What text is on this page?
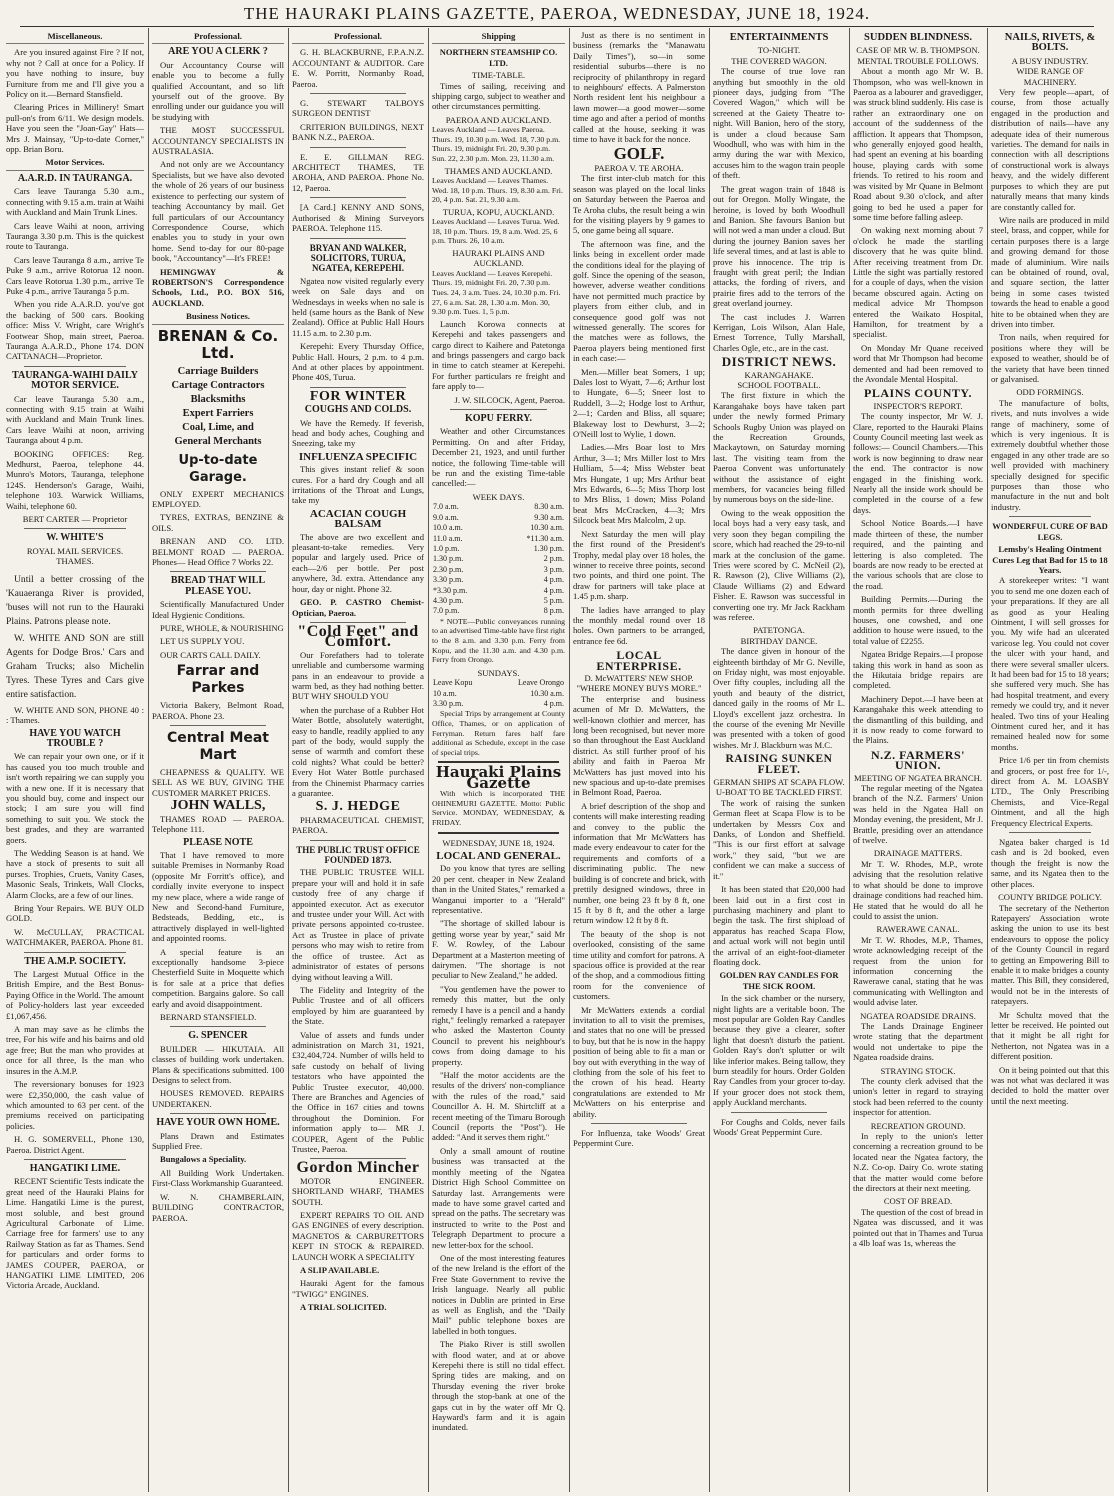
THE HAURAKI PLAINS GAZETTE, PAEROA, WEDNESDAY, JUNE 18, 1924.
Miscellaneous.

Are you insured against Fire ? If not, why not ? Call at once for a Policy. If you have nothing to insure, buy Furniture from me and I'll give you a Policy on it.—Bernard Stansfield.

Clearing Prices in Millinery! Smart pull-on's from 6/11. We design models. Have you seen the "Joan-Gay" Hats—Mrs J. Mainsay, "Up-to-date Corner," opp. Brian Boru.

Motor Services.
A.A.R.D. IN TAURANGA.

Cars leave Tauranga 5.30 a.m., connecting with 9.15 a.m. train at Waihi with Auckland and Main Trunk Lines.

Cars leave Waihi at noon, arriving Tauranga 3.30 p.m. This is the quickest route to Tauranga.

Cars leave Tauranga 8 a.m., arrive Te Puke 9 a.m., arrive Rotorua 12 noon. Cars leave Rotorua 1.30 p.m., arrive Te Puke 4 p.m., arrive Tauranga 5 p.m.

When you ride A.A.R.D. you've got the backing of 500 cars. Booking office: Miss V. Wright, care Wright's Footwear Shop, main street, Paeroa. Tauranga A.A.R.D., Phone 174. DON CATTANACH—Proprietor.

TAURANGA-WAIHI DAILY MOTOR SERVICE.

Car leave Tauranga 5.30 a.m., connecting with 9.15 train at Waihi with Auckland and Main Trunk lines. Cars leave Waihi at noon, arriving Tauranga about 4 p.m.

BOOKING OFFICES: Reg. Medhurst, Paeroa, telephone 44. Munro's Motors, Tauranga, telephone 124S. Henderson's Garage, Waihi, telephone 103. Warwick Williams, Waihi, telephone 60.

BERT CARTER — Proprietor
W. WHITE'S
ROYAL MAIL SERVICES.
THAMES.

Until a better crossing of the 'Kauaeranga River is provided, 'buses will not run to the Hauraki Plains. Patrons please note.

W. WHITE AND SON are still Agents for Dodge Bros.' Cars and Graham Trucks; also Michelin Tyres. These Tyres and Cars give entire satisfaction.

W. WHITE AND SON, PHONE 40 : : Thames.

HAVE YOU WATCH TROUBLE ?

We can repair your own one, or if it has caused you too much trouble and isn't worth repairing we can supply you with a new one. If it is necessary that you should buy, come and inspect our stock; I am sure you will find something to suit you. We stock the best grades, and they are warranted goers.

The Wedding Season is at hand. We have a stock of presents to suit all purses. Trophies, Cruets, Vanity Cases, Masonic Seals, Trinkets, Wall Clocks, Alarm Clocks, are a few of our lines.

Bring Your Repairs. WE BUY OLD GOLD.

W. McCULLAY, PRACTICAL WATCHMAKER, PAEROA. Phone 81.

THE A.M.P. SOCIETY.

The Largest Mutual Office in the British Empire, and the Best Bonus-Paying Office in the World. The amount of Policy-holders last year exceeded £1,067,456.

A man may save as he climbs the tree, For his wife and his bairns and old age free; But the man who provides at once for all three, Is the man who insures in the A.M.P.

The reversionary bonuses for 1923 were £2,350,000, the cash value of which amounted to 63 per cent. of the premiums received on participating policies.

H. G. SOMERVELL, Phone 130, Paeroa. District Agent.

HANGATIKI LIME.

RECENT Scientific Tests indicate the great need of the Hauraki Plains for Lime. Hangatiki Lime is the purest, most soluble, and best ground Agricultural Carbonate of Lime. Carriage free for farmers' use to any Railway Station as far as Thames. Send for particulars and order forms to JAMES COUPER, PAEROA, or HANGATIKI LIME LIMITED, 206 Victoria Arcade, Auckland.

Professional.
ARE YOU A CLERK ?

Our Accountancy Course will enable you to become a fully qualified Accountant, and so lift yourself out of the groove. By enrolling under our guidance you will be studying with

THE MOST SUCCESSFUL ACCOUNTANCY SPECIALISTS IN AUSTRALASIA.

And not only are we Accountancy Specialists, but we have also devoted the whole of 26 years of our business existence to perfecting our system of teaching Accountancy by mail. Get full particulars of our Accountancy Correspondence Course, which enables you to study in your own home. Send to-day for our 80-page book, "Accountancy"—It's FREE!

HEMINGWAY & ROBERTSON'S Correspondence Schools, Ltd., P.O. BOX 516, AUCKLAND.

Business Notices.
BRENAN & Co. Ltd.
Carriage Builders
Cartage Contractors
Blacksmiths
Expert Farriers
Coal, Lime, and
General Merchants
Up-to-date Garage.

ONLY EXPERT MECHANICS EMPLOYED.

TYRES, EXTRAS, BENZINE & OILS.

BRENAN AND CO. LTD. BELMONT ROAD — PAEROA. Phones— Head Office 7 Works 22.

BREAD THAT WILL PLEASE YOU.

Scientifically Manufactured Under Ideal Hygienic Conditions.

PURE, WHOLE, & NOURISHING

LET US SUPPLY YOU.

OUR CARTS CALL DAILY.

Farrar and Parkes

Victoria Bakery, Belmont Road, PAEROA. Phone 23.

Central Meat Mart

CHEAPNESS & QUALITY. WE SELL AS WE BUY, GIVING THE CUSTOMER MARKET PRICES.

JOHN WALLS,

THAMES ROAD — PAEROA. Telephone 111.

PLEASE NOTE

That I have removed to more suitable Premises in Normanby Road (opposite Mr Forritt's office), and cordially invite everyone to inspect my new place, where a wide range of New and Second-hand Furniture, Bedsteads, Bedding, etc., is attractively displayed in well-lighted and appointed rooms.

A special feature is an exceptionally handsome 3-piece Chesterfield Suite in Moquette which is for sale at a price that defies competition. Bargains galore. So call early and avoid disappointment.

BERNARD STANSFIELD.

G. SPENCER

BUILDER — HIKUTAIA. All classes of building work undertaken. Plans & specifications submitted. 100 Designs to select from.

HOUSES REMOVED. REPAIRS UNDERTAKEN.

HAVE YOUR OWN HOME.

Plans Drawn and Estimates Supplied Free.

Bungalows a Speciality.

All Building Work Undertaken. First-Class Workmanship Guaranteed.

W. N. CHAMBERLAIN, BUILDING CONTRACTOR, PAEROA.

Professional.

G. H. BLACKBURNE, F.P.A.N.Z. ACCOUNTANT & AUDITOR. Care E. W. Porritt, Normanby Road, Paeroa.

G. STEWART TALBOYS SURGEON DENTIST

CRITERION BUILDINGS, NEXT BANK N.Z., PAEROA.

E. E. GILLMAN REG. ARCHITECT THAMES, TE AROHA, AND PAEROA. Phone No. 12, Paeroa.

[A Card.] KENNY AND SONS, Authorised & Mining Surveyors PAEROA. Telephone 115.

BRYAN AND WALKER, SOLICITORS, TURUA, NGATEA, KEREPEHI.

Ngatea now visited regularly every week on Sale days and on Wednesdays in weeks when no sale is held (same hours as the Bank of New Zealand). Office at Public Hall Hours 11.15 a.m. to 2.30 p.m.

Kerepehi: Every Thursday Office, Public Hall. Hours, 2 p.m. to 4 p.m. And at other places by appointment. Phone 40S, Turua.

FOR WINTER
COUGHS AND COLDS.

We have the Remedy. If feverish, head and body aches, Coughing and Sneezing, take my

INFLUENZA SPECIFIC

This gives instant relief & soon cures. For a hard dry Cough and all irritations of the Throat and Lungs, take my

ACACIAN COUGH BALSAM

The above are two excellent and pleasant-to-take remedies. Very popular and largely used. Price of each—2/6 per bottle. Per post anywhere, 3d. extra. Attendance any hour, day or night. Phone 32.

GEO. P. CASTRO Chemist-Optician, Paeroa.

"Cold Feet" and Comfort.

Our Forefathers had to tolerate unreliable and cumbersome warming pans in an endeavour to provide a warm bed, as they had nothing better. BUT WHY SHOULD YOU

when the purchase of a Rubber Hot Water Bottle, absolutely watertight, easy to handle, readily applied to any part of the body, would supply the sense of warmth and comfort these cold nights? What could be better? Every Hot Water Bottle purchased from the Chinemist Pharmacy carries a guarantee.

S. J. HEDGE

PHARMACEUTICAL CHEMIST, PAEROA.

THE PUBLIC TRUST OFFICE FOUNDED 1873.

THE PUBLIC TRUSTEE WILL prepare your will and hold it in safe custody free of any charge if appointed executor. Act as executor and trustee under your Will. Act with private persons appointed co-trustee. Act as Trustee in place of private persons who may wish to retire from the office of trustee. Act as administrator of estates of persons dying without leaving a Will.

The Fidelity and Integrity of the Public Trustee and of all officers employed by him are guaranteed by the State.

Value of assets and funds under administration on March 31, 1921, £32,404,724. Number of wills held to safe custody on behalf of living testators who have appointed the Public Trustee executor, 40,000. There are Branches and Agencies of the Office in 167 cities and towns throughout the Dominion. For information apply to— MR J. COUPER, Agent of the Public Trustee, Paeroa.

Gordon Mincher

MOTOR ENGINEER. SHORTLAND WHARF, THAMES SOUTH.

EXPERT REPAIRS TO OIL AND GAS ENGINES of every description. MAGNETOS & CARBURETTORS KEPT IN STOCK & REPAIRED. LAUNCH WORK A SPECIALITY

A SLIP AVAILABLE.

Hauraki Agent for the famous "TWIGG" ENGINES.

A TRIAL SOLICITED.

Shipping
NORTHERN STEAMSHIP CO. LTD.
TIME-TABLE.

Times of sailing, receiving and shipping cargo, subject to weather and other circumstances permitting.

PAEROA AND AUCKLAND.

Leaves Auckland — Leaves Paeroa. Thurs. 19, 10.30 p.m. Wed. 18, 7.30 p.m. Thurs. 19, midnight Fri. 20, 9.30 p.m. Sun. 22, 2.30 p.m. Mon. 23, 11.30 a.m.

THAMES AND AUCKLAND.

Leaves Auckland — Leaves Thames. Wed. 18, 10 p.m. Thurs. 19, 8.30 a.m. Fri. 20, 4 p.m. Sat. 21, 9.30 a.m.

TURUA, KOPU, AUCKLAND.

Leaves Auckland — Leaves Turua. Wed. 18, 10 p.m. Thurs. 19, 8 a.m. Wed. 25, 6 p.m. Thurs. 26, 10 a.m.

HAURAKI PLAINS AND AUCKLAND.

Leaves Auckland — Leaves Kerepehi. Thurs. 19, midnight Fri. 20, 7.30 p.m. Tues. 24, 3 a.m. Tues. 24, 10.30 p.m. Fri. 27, 6 a.m. Sat. 28, 1.30 a.m. Mon. 30, 9.30 p.m. Tues. 1, 5 p.m.

Launch Korowa connects at Kerepehi and takes passengers and cargo direct to Kaihere and Patetonga and brings passengers and cargo back in time to catch steamer at Kerepehi. For further particulars re freight and fare apply to—

J. W. SILCOCK, Agent, Paeroa.

KOPU FERRY.

Weather and other Circumstances Permitting. On and after Friday, December 21, 1923, and until further notice, the following Time-table will be run and the existing Time-table cancelled:—

WEEK DAYS.
7.0 a.m.	8.30 a.m.
9.0 a.m.	9.30 a.m.
10.0 a.m.	10.30 a.m.
11.0 a.m.	*11.30 a.m.
1.0 p.m.	1.30 p.m.
1.30 p.m.	2 p.m.
2.30 p.m.	3 p.m.
3.30 p.m.	4 p.m.
*3.30 p.m.	4 p.m.
4.30 p.m.	5 p.m.
7.0 p.m.	8 p.m.

* NOTE—Public conveyances running to an advertised Time-table have first right to the 8 a.m. and 3.30 p.m. Ferry from Kopu, and the 11.30 a.m. and 4.30 p.m. Ferry from Orongo.

SUNDAYS.
Leave Kopu	Leave Orongo
10 a.m.	10.30 a.m.
3.30 p.m.	4 p.m.

Special Trips by arrangement at County Office, Thames, or on application of Ferryman. Return fares half fare additional as Schedule, except in the case of special trips.

Hauraki Plains Gazette

With which is incorporated THE OHINEMURI GAZETTE. Motto: Public Service. MONDAY, WEDNESDAY, & FRIDAY.

WEDNESDAY, JUNE 18, 1924.
LOCAL AND GENERAL.

Do you know that tyres are selling 20 per cent. cheaper in New Zealand than in the United States," remarked a Wanganui importer to a "Herald" representative.

"The shortage of skilled labour is getting worse year by year," said Mr F. W. Rowley, of the Labour Department at a Masterton meeting of dairymen. "The shortage is not peculiar to New Zealand," he added.

"You gentlemen have the power to remedy this matter, but the only remedy I have is a pencil and a handy right," feelingly remarked a ratepayer who asked the Masterton County Council to prevent his neighbour's cows from doing damage to his property.

"Half the motor accidents are the results of the drivers' non-compliance with the rules of the road," said Councillor A. H. M. Shirtcliff at a recent meeting of the Timaru Borough Council (reports the "Post"). He added: "And it serves them right."

Only a small amount of routine business was transacted at the monthly meeting of the Ngatea District High School Committee on Saturday last. Arrangements were made to have some gravel carted and spread on the paths. The secretary was instructed to write to the Post and Telegraph Department to procure a new letter-box for the school.

One of the most interesting features of the new Ireland is the effort of the Free State Government to revive the Irish language. Nearly all public notices in Dublin are printed in Erse as well as English, and the "Daily Mail" public telephone boxes are labelled in both tongues.

The Piako River is still swollen with flood water, and at or above Kerepehi there is still no tidal effect. Spring tides are making, and on Thursday evening the river broke through the stop-bank at one of the gaps cut in by the water off Mr Q. Hayward's farm and it is again inundated.

Just as there is no sentiment in business (remarks the "Manawatu Daily Times"), so—in some residential suburbs—there is no reciprocity of philanthropy in regard to neighbours' effects. A Palmerston North resident lent his neighbour a lawn mower—a good mower—some time ago and after a period of months called at the house, seeking it was time to have it back for the nonce.

GOLF.
PAEROA V. TE AROHA.

The first inter-club match for this season was played on the local links on Saturday between the Paeroa and Te Aroha clubs, the result being a win for the visiting players by 9 games to 5, one game being all square.

The afternoon was fine, and the links being in excellent order made the conditions ideal for the playing of golf. Since the opening of the season, however, adverse weather conditions have not permitted much practice by players from either club, and in consequence good golf was not witnessed generally. The scores for the matches were as follows, the Paeroa players being mentioned first in each case:—

Men.—Miller beat Somers, 1 up; Dales lost to Wyatt, 7—6; Arthur lost to Hungate, 6—5; Sneer lost to Ruddell, 3—2; Hodge lost to Arthur, 2—1; Carden and Bliss, all square; Blakeway lost to Dewhurst, 3—2; O'Neill lost to Wylie, 1 down.

Ladies.—Mrs Boar lost to Mrs Arthur, 3—1; Mrs Miller lost to Mrs Hulliam, 5—4; Miss Webster beat Mrs Hungate, 1 up; Mrs Arthur beat Mrs Edwards, 6—5; Miss Thorp lost to Mrs Bliss, 1 down; Miss Poland beat Mrs McCracken, 4—3; Mrs Silcock beat Mrs Malcolm, 2 up.

Next Saturday the men will play the first round of the President's Trophy, medal play over 18 holes, the winner to receive three points, second two points, and third one point. The draw for partners will take place at 1.45 p.m. sharp.

The ladies have arranged to play the monthly medal round over 18 holes. Own partners to be arranged, entrance fee 6d.

LOCAL ENTERPRISE.
D. McWATTERS' NEW SHOP.
"WHERE MONEY BUYS MORE."

The enterprise and business acumen of Mr D. McWatters, the well-known clothier and mercer, has long been recognised, but never more so than throughout the East Auckland district. As still further proof of his ability and faith in Paeroa Mr McWatters has just moved into his new spacious and up-to-date premises in Belmont Road, Paeroa.

A brief description of the shop and contents will make interesting reading and convey to the public the information that Mr McWatters has made every endeavour to cater for the requirements and comforts of a discriminating public. The new building is of concrete and brick, with prettily designed windows, three in number, one being 23 ft by 8 ft, one 15 ft by 8 ft, and the other a large return window 12 ft by 8 ft.

The beauty of the shop is not overlooked, consisting of the same time utility and comfort for patrons. A spacious office is provided at the rear of the shop, and a commodious fitting room for the convenience of customers.

Mr McWatters extends a cordial invitation to all to visit the premises, and states that no one will be pressed to buy, but that he is now in the happy position of being able to fit a man or boy out with everything in the way of clothing from the sole of his feet to the crown of his head. Hearty congratulations are extended to Mr McWatters on his enterprise and ability.

For Influenza, take Woods' Great Peppermint Cure.

ENTERTAINMENTS
TO-NIGHT.
THE COVERED WAGON.

The course of true love ran anything but smoothly in the old pioneer days, judging from "The Covered Wagon," which will be screened at the Gaiety Theatre to-night. Will Banion, hero of the story, is under a cloud because Sam Woodhull, who was with him in the army during the war with Mexico, accuses him to the wagon train people of theft.

The great wagon train of 1848 is out for Oregon. Molly Wingate, the heroine, is loved by both Woodhull and Banion. She favours Banion but will not wed a man under a cloud. But during the journey Banion saves her life several times, and at last is able to prove his innocence. The trip is fraught with great peril; the Indian attacks, the fording of rivers, and prairie fires add to the terrors of the great overland journey.

The cast includes J. Warren Kerrigan, Lois Wilson, Alan Hale, Ernest Torrence, Tully Marshall, Charles Ogle, etc., are in the cast.

DISTRICT NEWS.
KARANGAHAKE.
SCHOOL FOOTBALL.

The first fixture in which the Karangahake boys have taken part under the newly formed Primary Schools Rugby Union was played on the Recreation Grounds, Mackaytown, on Saturday morning last. The visiting team from the Paeroa Convent was unfortunately without the assistance of eight members, for vacancies being filled by numerous boys on the side-line.

Owing to the weak opposition the local boys had a very easy task, and very soon they began compiling the score, which had reached the 29-to-nil mark at the conclusion of the game. Tries were scored by C. McNeil (2), R. Rawson (2), Clive Williams (2), Claude Williams (2) and Edward Fisher. E. Rawson was successful in converting one try. Mr Jack Rackham was referee.

PATETONGA.
BIRTHDAY DANCE.

The dance given in honour of the eighteenth birthday of Mr G. Neville, on Friday night, was most enjoyable. Over fifty couples, including all the youth and beauty of the district, danced gaily in the rooms of Mr L. Lloyd's excellent jazz orchestra. In the course of the evening Mr Neville was presented with a token of good wishes. Mr J. Blackburn was M.C.

RAISING SUNKEN FLEET.
GERMAN SHIPS AT SCAPA FLOW.
U-BOAT TO BE TACKLED FIRST.

The work of raising the sunken German fleet at Scapa Flow is to be undertaken by Messrs Cox and Danks, of London and Sheffield. "This is our first effort at salvage work," they said, "but we are confident we can make a success of it."

It has been stated that £20,000 had been laid out in a first cost in purchasing machinery and plant to begin the task. The first shipload of apparatus has reached Scapa Flow, and actual work will not begin until the arrival of an eight-foot-diameter floating dock.

GOLDEN RAY CANDLES FOR THE SICK ROOM.

In the sick chamber or the nursery, night lights are a veritable boon. The most popular are Golden Ray Candles because they give a clearer, softer light that doesn't disturb the patient. Golden Ray's don't splutter or wilt like inferior makes. Being tallow, they burn steadily for hours. Order Golden Ray Candles from your grocer to-day. If your grocer does not stock them, apply Auckland merchants.

For Coughs and Colds, never fails Woods' Great Peppermint Cure.

SUDDEN BLINDNESS.
CASE OF MR W. B. THOMPSON.
MENTAL TROUBLE FOLLOWS.

About a month ago Mr W. B. Thompson, who was well-known in Paeroa as a labourer and gravedigger, was struck blind suddenly. His case is rather an extraordinary one on account of the suddenness of the affliction. It appears that Thompson, who generally enjoyed good health, had spent an evening at his boarding house, playing cards with some friends. To retired to his room and was visited by Mr Quane in Belmont Road about 9.30 o'clock, and after going to bed he used a paper for some time before falling asleep.

On waking next morning about 7 o'clock he made the startling discovery that he was quite blind. After receiving treatment from Dr. Little the sight was partially restored for a couple of days, when the vision became obscured again. Acting on medical advice Mr Thompson entered the Waikato Hospital, Hamilton, for treatment by a specialist.

On Monday Mr Quane received word that Mr Thompson had become demented and had been removed to the Avondale Mental Hospital.

PLAINS COUNTY.
INSPECTOR'S REPORT.

The county inspector, Mr W. J. Clare, reported to the Hauraki Plains County Council meeting last week as follows:— Council Chambers.—This work is now beginning to draw near the end. The contractor is now engaged in the finishing work. Nearly all the inside work should be completed in the course of a few days.

School Notice Boards.—I have made thirteen of these, the number required, and the painting and lettering is also completed. The boards are now ready to be erected at the various schools that are close to the road.

Building Permits.—During the month permits for three dwelling houses, one cowshed, and one addition to house were issued, to the total value of £2255.

Ngatea Bridge Repairs.—I propose taking this work in hand as soon as the Hikutaia bridge repairs are completed.

Machinery Depot.—I have been at Karangahake this week attending to the dismantling of this building, and it is now ready to come forward to the Plains.

N.Z. FARMERS' UNION.
MEETING OF NGATEA BRANCH.

The regular meeting of the Ngatea branch of the N.Z. Farmers' Union was held in the Ngatea Hall on Monday evening, the president, Mr J. Brattle, presiding over an attendance of twelve.

DRAINAGE MATTERS.

Mr T. W. Rhodes, M.P., wrote advising that the resolution relative to what should be done to improve drainage conditions had reached him. He stated that he would do all he could to assist the union.

RAWERAWE CANAL.

Mr T. W. Rhodes, M.P., Thames, wrote acknowledging receipt of the request from the union for information concerning the Rawerawe canal, stating that he was communicating with Wellington and would advise later.

NGATEA ROADSIDE DRAINS.

The Lands Drainage Engineer wrote stating that the department would not undertake to pipe the Ngatea roadside drains.

STRAYING STOCK.

The county clerk advised that the union's letter in regard to straying stock had been referred to the county inspector for attention.

RECREATION GROUND.

In reply to the union's letter concerning a recreation ground to be located near the Ngatea factory, the N.Z. Co-op. Dairy Co. wrote stating that the matter would come before the directors at their next meeting.

COST OF BREAD.

The question of the cost of bread in Ngatea was discussed, and it was pointed out that in Thames and Turua a 4lb loaf was 1s, whereas the

NAILS, RIVETS, & BOLTS.
A BUSY INDUSTRY.
WIDE RANGE OF MACHINERY.

Very few people—apart, of course, from those actually engaged in the production and distribution of nails—have any adequate idea of their numerous varieties. The demand for nails in connection with all descriptions of constructional work is always heavy, and the widely different purposes to which they are put naturally means that many kinds are constantly called for.

Wire nails are produced in mild steel, brass, and copper, while for certain purposes there is a large and growing demand for those made of aluminium. Wire nails can be obtained of round, oval, and square section, the latter being in some cases twisted towards the head to enable a good hite to be obtained when they are driven into timber.

Tron nails, when required for positions where they will be exposed to weather, should be of the variety that have been tinned or galvanised.

ODD FORMINGS.

The manufacture of bolts, rivets, and nuts involves a wide range of machinery, some of which is very ingenious. It is extremely doubtful whether those engaged in any other trade are so well provided with machinery specially designed for specific purposes than those who manufacture in the nut and bolt industry.

WONDERFUL CURE OF BAD LEGS.
Lemsby's Healing Ointment Cures Leg that Bad for 15 to 18 Years.

A storekeeper writes: "I want you to send me one dozen each of your preparations. If they are all as good as your Healing Ointment, I will sell grosses for you. My wife had an ulcerated varicose leg. You could not cover the ulcer with your hand, and there were several smaller ulcers. It had been bad for 15 to 18 years; she suffered very much. She has had hospital treatment, and every remedy we could try, and it never healed. Two tins of your Healing Ointment cured her, and it has remained healed now for some months.

Price 1/6 per tin from chemists and grocers, or post free for 1/-, direct from A. M. LOASBY LTD., The Only Prescribing Chemists, and Vice-Regal Ointment, and all the high Frequency Electrical Experts.

Ngatea baker charged is 1d cash and is 2d booked, even though the freight is now the same, and its Ngatea then to the other places.

COUNTY BRIDGE POLICY.

The secretary of the Netherton Ratepayers' Association wrote asking the union to use its best endeavours to oppose the policy of the County Council in regard to getting an Empowering Bill to enable it to make bridges a county matter. This Bill, they considered, would not be in the interests of ratepayers.

Mr Schultz moved that the letter be received. He pointed out that it might be all right for Netherton, not Ngatea was in a different position.

On it being pointed out that this was not what was declared it was decided to hold the matter over until the next meeting.
